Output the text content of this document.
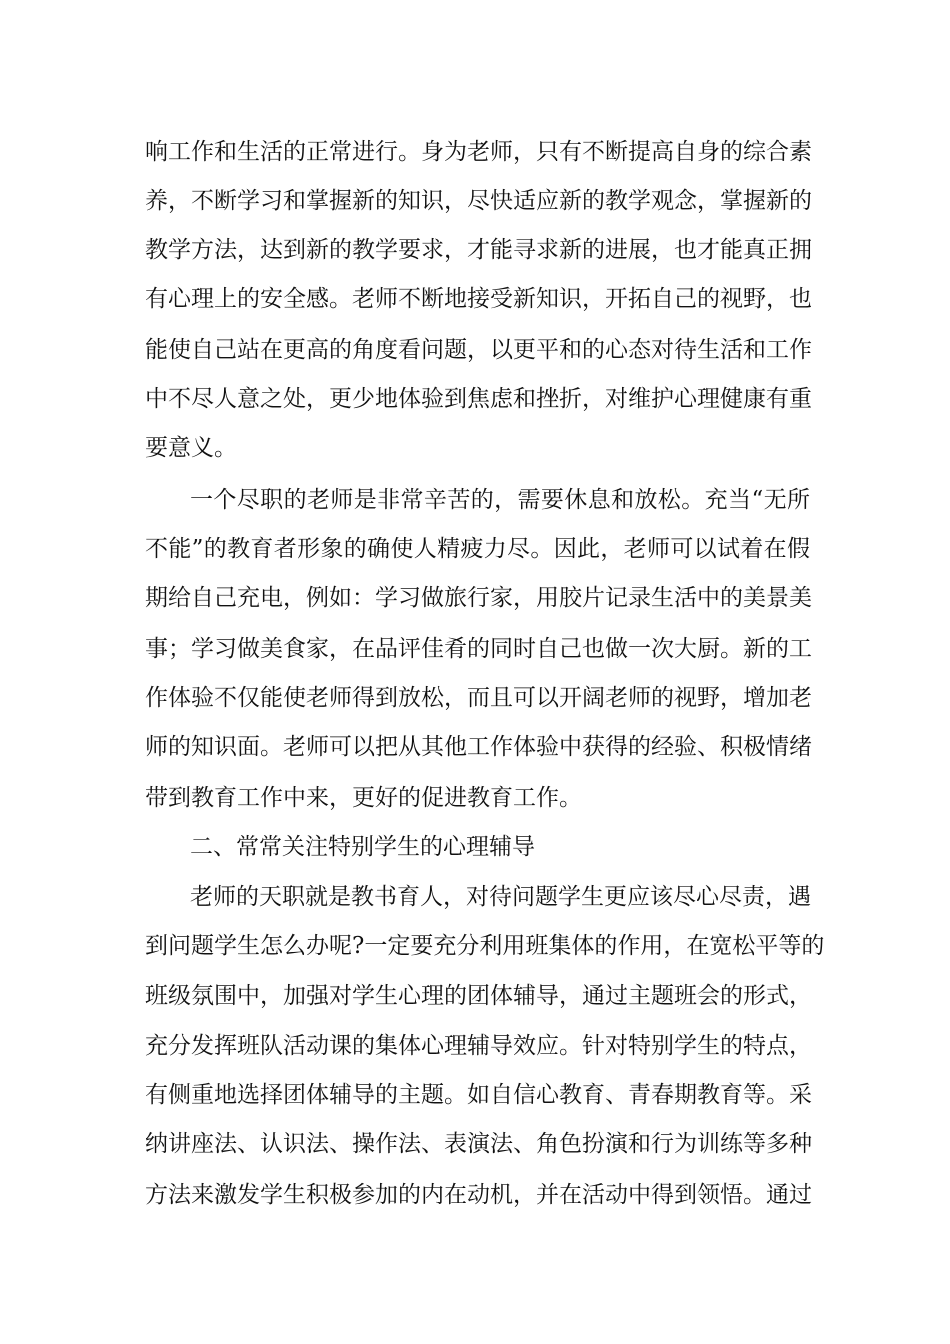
响工作和生活的正常进行。身为老师，只有不断提高自身的综合素
养，不断学习和掌握新的知识，尽快适应新的教学观念，掌握新的
教学方法，达到新的教学要求，才能寻求新的进展，也才能真正拥
有心理上的安全感。老师不断地接受新知识，开拓自己的视野，也
能使自己站在更高的角度看问题，以更平和的心态对待生活和工作
中不尽人意之处，更少地体验到焦虑和挫折，对维护心理健康有重
要意义。
一个尽职的老师是非常辛苦的，需要休息和放松。充当“无所
不能”的教育者形象的确使人精疲力尽。因此，老师可以试着在假
期给自己充电，例如：学习做旅行家，用胶片记录生活中的美景美
事；学习做美食家，在品评佳肴的同时自己也做一次大厨。新的工
作体验不仅能使老师得到放松，而且可以开阔老师的视野，增加老
师的知识面。老师可以把从其他工作体验中获得的经验、积极情绪
带到教育工作中来，更好的促进教育工作。
二、常常关注特别学生的心理辅导
老师的天职就是教书育人，对待问题学生更应该尽心尽责，遇
到问题学生怎么办呢?一定要充分利用班集体的作用，在宽松平等的
班级氛围中，加强对学生心理的团体辅导，通过主题班会的形式，
充分发挥班队活动课的集体心理辅导效应。针对特别学生的特点，
有侧重地选择团体辅导的主题。如自信心教育、青春期教育等。采
纳讲座法、认识法、操作法、表演法、角色扮演和行为训练等多种
方法来激发学生积极参加的内在动机，并在活动中得到领悟。通过
